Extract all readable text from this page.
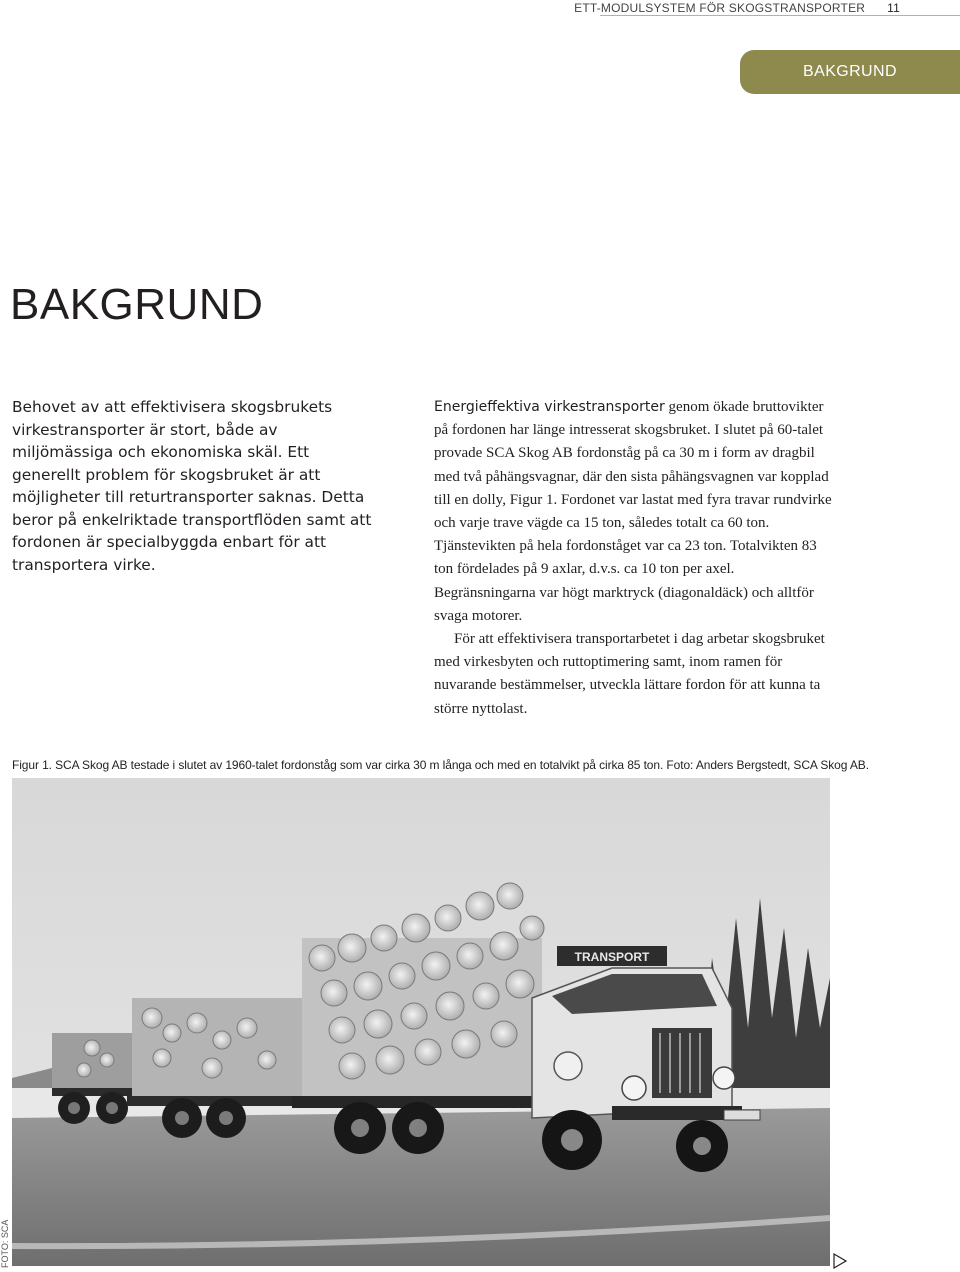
ETT-MODULSYSTEM FÖR SKOGSTRANSPORTER 11
BAKGRUND
BAKGRUND

Behovet av att effektivisera skogsbrukets virkestransporter är stort, både av miljömässiga och ekonomiska skäl. Ett generellt problem för skogsbruket är att möjligheter till returtransporter saknas. Detta beror på enkelriktade transportflöden samt att fordonen är specialbyggda enbart för att transportera virke.

Energieffektiva virkestransporter genom ökade bruttovikter på fordonen har länge intresserat skogsbruket. I slutet på 60-talet provade SCA Skog AB fordonståg på ca 30 m i form av dragbil med två påhängsvagnar, där den sista påhängsvagnen var kopplad till en dolly, Figur 1. Fordonet var lastat med fyra travar rundvirke och varje trave vägde ca 15 ton, således totalt ca 60 ton. Tjänstevikten på hela fordonståget var ca 23 ton. Totalvikten 83 ton fördelades på 9 axlar, d.v.s. ca 10 ton per axel. Begränsningarna var högt marktryck (diagonaldäck) och alltför svaga motorer.

För att effektivisera transportarbetet i dag arbetar skogsbruket med virkesbyten och ruttoptimering samt, inom ramen för nuvarande bestämmelser, utveckla lättare fordon för att kunna ta större nyttolast.

Figur 1. SCA Skog AB testade i slutet av 1960-talet fordonståg som var cirka 30 m långa och med en totalvikt på cirka 85 ton. Foto: Anders Bergstedt, SCA Skog AB.
TRANSPORT
FOTO: SCA
